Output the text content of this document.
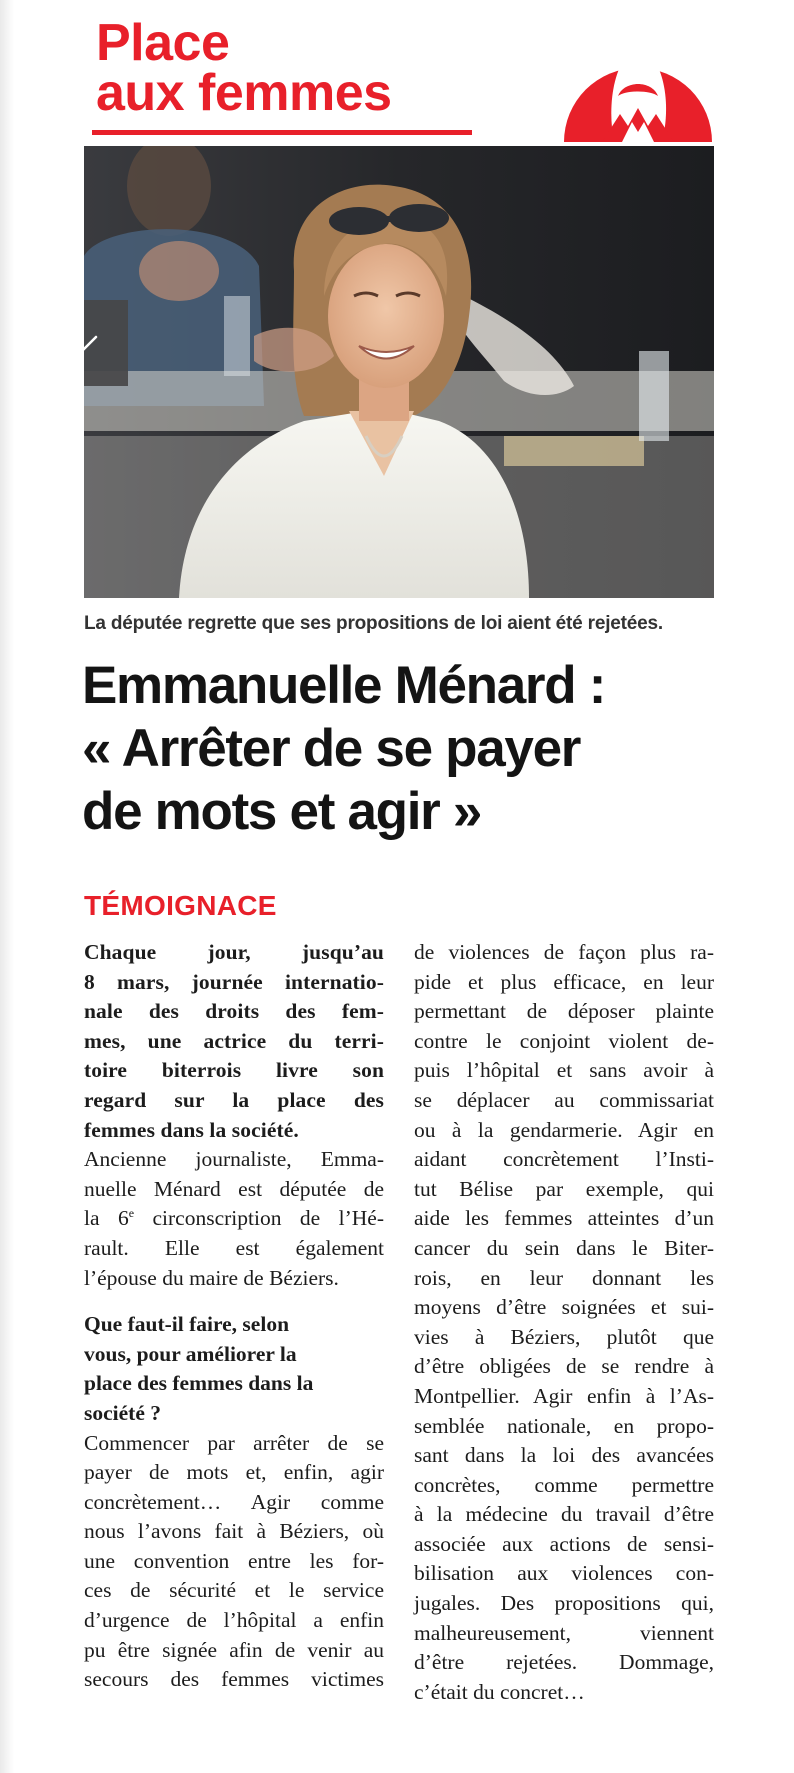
Place
aux femmes
La députée regrette que ses propositions de loi aient été rejetées.
Emmanuelle Ménard :
« Arrêter de se payer
de mots et agir »
TÉMOIGNACE
Chaque jour, jusqu’au
8 mars, journée internatio-
nale des droits des fem-
mes, une actrice du terri-
toire biterrois livre son
regard sur la place des
femmes dans la société.
Ancienne journaliste, Emma-
nuelle Ménard est députée de
la 6e circonscription de l’Hé-
rault. Elle est également
l’épouse du maire de Béziers.
Que faut-il faire, selon
vous, pour améliorer la
place des femmes dans la
société ?
Commencer par arrêter de se
payer de mots et, enfin, agir
concrètement… Agir comme
nous l’avons fait à Béziers, où
une convention entre les for-
ces de sécurité et le service
d’urgence de l’hôpital a enfin
pu être signée afin de venir au
secours des femmes victimes
de violences de façon plus ra-
pide et plus efficace, en leur
permettant de déposer plainte
contre le conjoint violent de-
puis l’hôpital et sans avoir à
se déplacer au commissariat
ou à la gendarmerie. Agir en
aidant concrètement l’Insti-
tut Bélise par exemple, qui
aide les femmes atteintes d’un
cancer du sein dans le Biter-
rois, en leur donnant les
moyens d’être soignées et sui-
vies à Béziers, plutôt que
d’être obligées de se rendre à
Montpellier. Agir enfin à l’As-
semblée nationale, en propo-
sant dans la loi des avancées
concrètes, comme permettre
à la médecine du travail d’être
associée aux actions de sensi-
bilisation aux violences con-
jugales. Des propositions qui,
malheureusement, viennent
d’être rejetées. Dommage,
c’était du concret…
